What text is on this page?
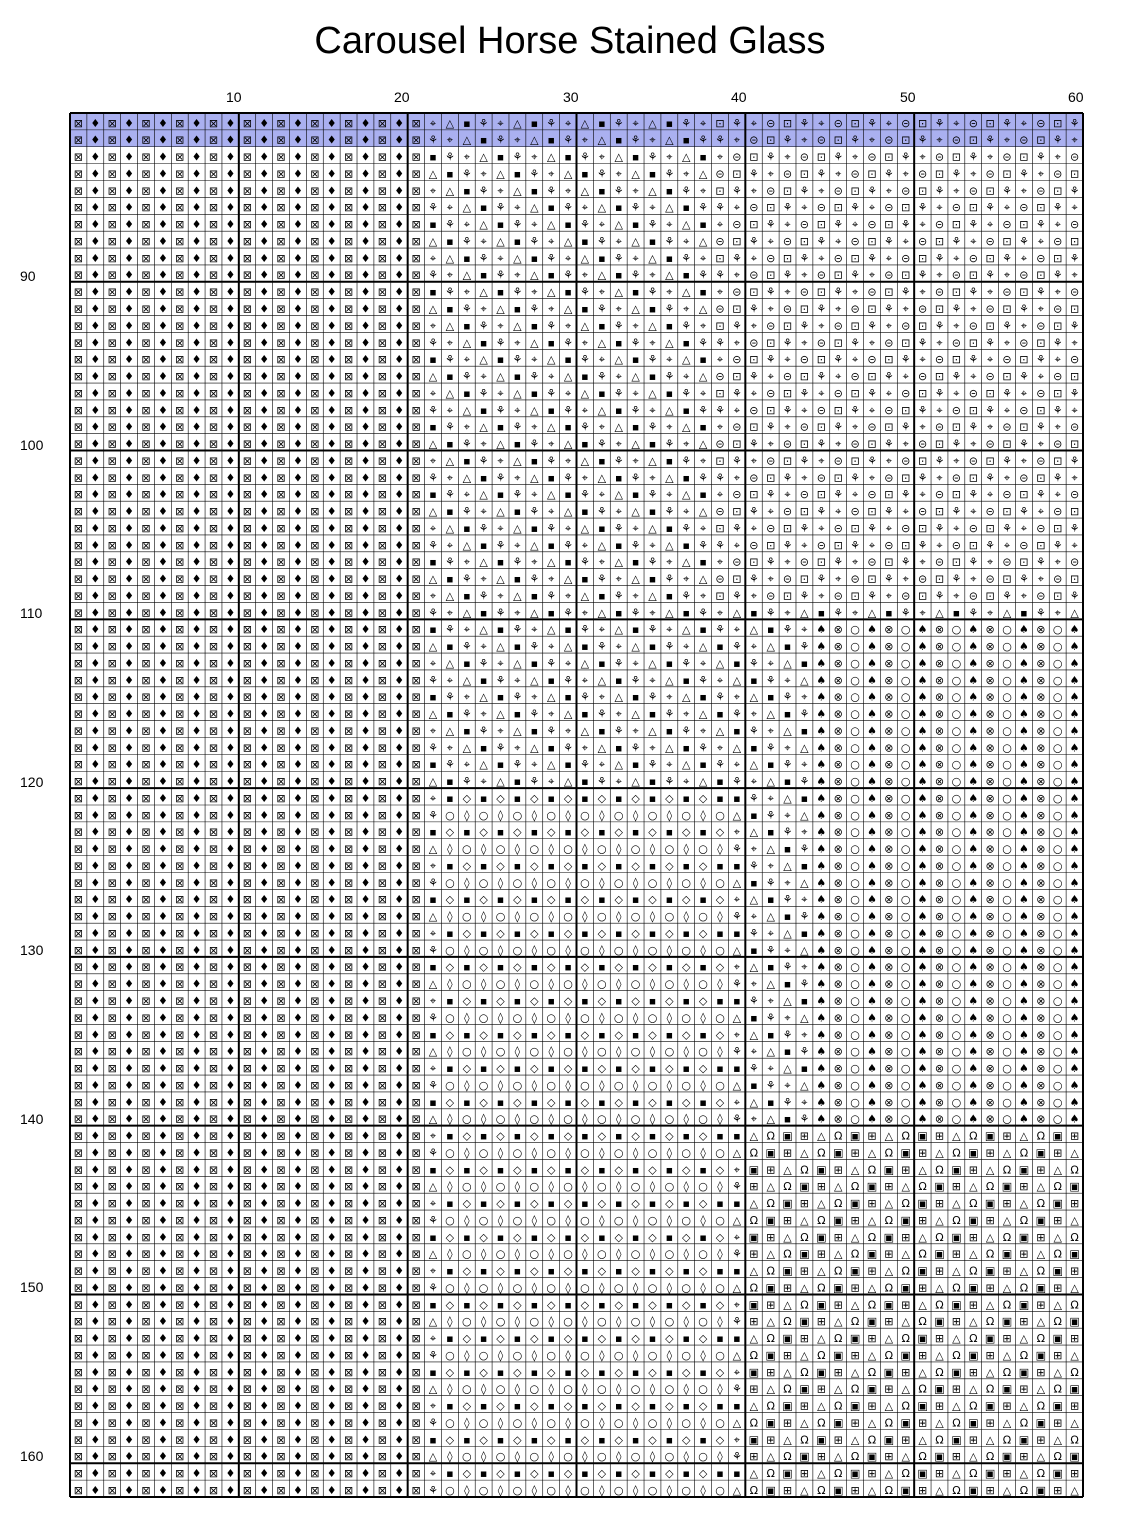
Carousel Horse Stained Glass
10	20	30	40	50	60
90
100
110
120
130
140
150
160
⊠ ♦ ⊠ ♦ ⊠ ♦ ⊠ ♦ ⊠ ♦ ⊠ ♦ ⊠ ♦ ⊠ ♦ ⊠ ♦ ⊠ ♦ ⊠ ⌖ △ ▪ ⚘ ⌖ △ ▪ ⚘ ⌖ △ ▪ ⚘ ⌖ △ ▪ ⚘ ⌖ ⊡ ⚘ ⌖ ⊝ ⊡ ⚘ ⌖ ⊝ ⊡ ⚘ ⌖ ⊝ ⊡ ⚘ ⌖ ⊝ ⊡ ⚘ ⌖ ⊝ ⊡ ⚘
⊠ ♦ ⊠ ♦ ⊠ ♦ ⊠ ♦ ⊠ ♦ ⊠ ♦ ⊠ ♦ ⊠ ♦ ⊠ ♦ ⊠ ♦ ⊠ ⚘ ⌖ △ ▪ ⚘ ⌖ △ ▪ ⚘ ⌖ △ ▪ ⚘ ⌖ △ ▪ ⚘ ⚘ ⌖ ⊝ ⊡ ⚘ ⌖ ⊝ ⊡ ⚘ ⌖ ⊝ ⊡ ⚘ ⌖ ⊝ ⊡ ⚘ ⌖ ⊝ ⊡ ⚘ ⌖
⊠ ♦ ⊠ ♦ ⊠ ♦ ⊠ ♦ ⊠ ♦ ⊠ ♦ ⊠ ♦ ⊠ ♦ ⊠ ♦ ⊠ ♦ ⊠ ▪ ⚘ ⌖ △ ▪ ⚘ ⌖ △ ▪ ⚘ ⌖ △ ▪ ⚘ ⌖ △ ▪ ⌖ ⊝ ⊡ ⚘ ⌖ ⊝ ⊡ ⚘ ⌖ ⊝ ⊡ ⚘ ⌖ ⊝ ⊡ ⚘ ⌖ ⊝ ⊡ ⚘ ⌖ ⊝
⊠ ♦ ⊠ ♦ ⊠ ♦ ⊠ ♦ ⊠ ♦ ⊠ ♦ ⊠ ♦ ⊠ ♦ ⊠ ♦ ⊠ ♦ ⊠ △ ▪ ⚘ ⌖ △ ▪ ⚘ ⌖ △ ▪ ⚘ ⌖ △ ▪ ⚘ ⌖ △ ⊝ ⊡ ⚘ ⌖ ⊝ ⊡ ⚘ ⌖ ⊝ ⊡ ⚘ ⌖ ⊝ ⊡ ⚘ ⌖ ⊝ ⊡ ⚘ ⌖ ⊝ ⊡
⊠ ♦ ⊠ ♦ ⊠ ♦ ⊠ ♦ ⊠ ♦ ⊠ ♦ ⊠ ♦ ⊠ ♦ ⊠ ♦ ⊠ ♦ ⊠ ⌖ △ ▪ ⚘ ⌖ △ ▪ ⚘ ⌖ △ ▪ ⚘ ⌖ △ ▪ ⚘ ⌖ ⊡ ⚘ ⌖ ⊝ ⊡ ⚘ ⌖ ⊝ ⊡ ⚘ ⌖ ⊝ ⊡ ⚘ ⌖ ⊝ ⊡ ⚘ ⌖ ⊝ ⊡ ⚘
⊠ ♦ ⊠ ♦ ⊠ ♦ ⊠ ♦ ⊠ ♦ ⊠ ♦ ⊠ ♦ ⊠ ♦ ⊠ ♦ ⊠ ♦ ⊠ ⚘ ⌖ △ ▪ ⚘ ⌖ △ ▪ ⚘ ⌖ △ ▪ ⚘ ⌖ △ ▪ ⚘ ⚘ ⌖ ⊝ ⊡ ⚘ ⌖ ⊝ ⊡ ⚘ ⌖ ⊝ ⊡ ⚘ ⌖ ⊝ ⊡ ⚘ ⌖ ⊝ ⊡ ⚘ ⌖
⊠ ♦ ⊠ ♦ ⊠ ♦ ⊠ ♦ ⊠ ♦ ⊠ ♦ ⊠ ♦ ⊠ ♦ ⊠ ♦ ⊠ ♦ ⊠ ▪ ⚘ ⌖ △ ▪ ⚘ ⌖ △ ▪ ⚘ ⌖ △ ▪ ⚘ ⌖ △ ▪ ⌖ ⊝ ⊡ ⚘ ⌖ ⊝ ⊡ ⚘ ⌖ ⊝ ⊡ ⚘ ⌖ ⊝ ⊡ ⚘ ⌖ ⊝ ⊡ ⚘ ⌖ ⊝
⊠ ♦ ⊠ ♦ ⊠ ♦ ⊠ ♦ ⊠ ♦ ⊠ ♦ ⊠ ♦ ⊠ ♦ ⊠ ♦ ⊠ ♦ ⊠ △ ▪ ⚘ ⌖ △ ▪ ⚘ ⌖ △ ▪ ⚘ ⌖ △ ▪ ⚘ ⌖ △ ⊝ ⊡ ⚘ ⌖ ⊝ ⊡ ⚘ ⌖ ⊝ ⊡ ⚘ ⌖ ⊝ ⊡ ⚘ ⌖ ⊝ ⊡ ⚘ ⌖ ⊝ ⊡
⊠ ♦ ⊠ ♦ ⊠ ♦ ⊠ ♦ ⊠ ♦ ⊠ ♦ ⊠ ♦ ⊠ ♦ ⊠ ♦ ⊠ ♦ ⊠ ⌖ △ ▪ ⚘ ⌖ △ ▪ ⚘ ⌖ △ ▪ ⚘ ⌖ △ ▪ ⚘ ⌖ ⊡ ⚘ ⌖ ⊝ ⊡ ⚘ ⌖ ⊝ ⊡ ⚘ ⌖ ⊝ ⊡ ⚘ ⌖ ⊝ ⊡ ⚘ ⌖ ⊝ ⊡ ⚘
⊠ ♦ ⊠ ♦ ⊠ ♦ ⊠ ♦ ⊠ ♦ ⊠ ♦ ⊠ ♦ ⊠ ♦ ⊠ ♦ ⊠ ♦ ⊠ ⚘ ⌖ △ ▪ ⚘ ⌖ △ ▪ ⚘ ⌖ △ ▪ ⚘ ⌖ △ ▪ ⚘ ⚘ ⌖ ⊝ ⊡ ⚘ ⌖ ⊝ ⊡ ⚘ ⌖ ⊝ ⊡ ⚘ ⌖ ⊝ ⊡ ⚘ ⌖ ⊝ ⊡ ⚘ ⌖
⊠ ♦ ⊠ ♦ ⊠ ♦ ⊠ ♦ ⊠ ♦ ⊠ ♦ ⊠ ♦ ⊠ ♦ ⊠ ♦ ⊠ ♦ ⊠ ▪ ⚘ ⌖ △ ▪ ⚘ ⌖ △ ▪ ⚘ ⌖ △ ▪ ⚘ ⌖ △ ▪ ⌖ ⊝ ⊡ ⚘ ⌖ ⊝ ⊡ ⚘ ⌖ ⊝ ⊡ ⚘ ⌖ ⊝ ⊡ ⚘ ⌖ ⊝ ⊡ ⚘ ⌖ ⊝
⊠ ♦ ⊠ ♦ ⊠ ♦ ⊠ ♦ ⊠ ♦ ⊠ ♦ ⊠ ♦ ⊠ ♦ ⊠ ♦ ⊠ ♦ ⊠ △ ▪ ⚘ ⌖ △ ▪ ⚘ ⌖ △ ▪ ⚘ ⌖ △ ▪ ⚘ ⌖ △ ⊝ ⊡ ⚘ ⌖ ⊝ ⊡ ⚘ ⌖ ⊝ ⊡ ⚘ ⌖ ⊝ ⊡ ⚘ ⌖ ⊝ ⊡ ⚘ ⌖ ⊝ ⊡
⊠ ♦ ⊠ ♦ ⊠ ♦ ⊠ ♦ ⊠ ♦ ⊠ ♦ ⊠ ♦ ⊠ ♦ ⊠ ♦ ⊠ ♦ ⊠ ⌖ △ ▪ ⚘ ⌖ △ ▪ ⚘ ⌖ △ ▪ ⚘ ⌖ △ ▪ ⚘ ⌖ ⊡ ⚘ ⌖ ⊝ ⊡ ⚘ ⌖ ⊝ ⊡ ⚘ ⌖ ⊝ ⊡ ⚘ ⌖ ⊝ ⊡ ⚘ ⌖ ⊝ ⊡ ⚘
⊠ ♦ ⊠ ♦ ⊠ ♦ ⊠ ♦ ⊠ ♦ ⊠ ♦ ⊠ ♦ ⊠ ♦ ⊠ ♦ ⊠ ♦ ⊠ ⚘ ⌖ △ ▪ ⚘ ⌖ △ ▪ ⚘ ⌖ △ ▪ ⚘ ⌖ △ ▪ ⚘ ⚘ ⌖ ⊝ ⊡ ⚘ ⌖ ⊝ ⊡ ⚘ ⌖ ⊝ ⊡ ⚘ ⌖ ⊝ ⊡ ⚘ ⌖ ⊝ ⊡ ⚘ ⌖
⊠ ♦ ⊠ ♦ ⊠ ♦ ⊠ ♦ ⊠ ♦ ⊠ ♦ ⊠ ♦ ⊠ ♦ ⊠ ♦ ⊠ ♦ ⊠ ▪ ⚘ ⌖ △ ▪ ⚘ ⌖ △ ▪ ⚘ ⌖ △ ▪ ⚘ ⌖ △ ▪ ⌖ ⊝ ⊡ ⚘ ⌖ ⊝ ⊡ ⚘ ⌖ ⊝ ⊡ ⚘ ⌖ ⊝ ⊡ ⚘ ⌖ ⊝ ⊡ ⚘ ⌖ ⊝
⊠ ♦ ⊠ ♦ ⊠ ♦ ⊠ ♦ ⊠ ♦ ⊠ ♦ ⊠ ♦ ⊠ ♦ ⊠ ♦ ⊠ ♦ ⊠ △ ▪ ⚘ ⌖ △ ▪ ⚘ ⌖ △ ▪ ⚘ ⌖ △ ▪ ⚘ ⌖ △ ⊝ ⊡ ⚘ ⌖ ⊝ ⊡ ⚘ ⌖ ⊝ ⊡ ⚘ ⌖ ⊝ ⊡ ⚘ ⌖ ⊝ ⊡ ⚘ ⌖ ⊝ ⊡
⊠ ♦ ⊠ ♦ ⊠ ♦ ⊠ ♦ ⊠ ♦ ⊠ ♦ ⊠ ♦ ⊠ ♦ ⊠ ♦ ⊠ ♦ ⊠ ⌖ △ ▪ ⚘ ⌖ △ ▪ ⚘ ⌖ △ ▪ ⚘ ⌖ △ ▪ ⚘ ⌖ ⊡ ⚘ ⌖ ⊝ ⊡ ⚘ ⌖ ⊝ ⊡ ⚘ ⌖ ⊝ ⊡ ⚘ ⌖ ⊝ ⊡ ⚘ ⌖ ⊝ ⊡ ⚘
⊠ ♦ ⊠ ♦ ⊠ ♦ ⊠ ♦ ⊠ ♦ ⊠ ♦ ⊠ ♦ ⊠ ♦ ⊠ ♦ ⊠ ♦ ⊠ ⚘ ⌖ △ ▪ ⚘ ⌖ △ ▪ ⚘ ⌖ △ ▪ ⚘ ⌖ △ ▪ ⚘ ⚘ ⌖ ⊝ ⊡ ⚘ ⌖ ⊝ ⊡ ⚘ ⌖ ⊝ ⊡ ⚘ ⌖ ⊝ ⊡ ⚘ ⌖ ⊝ ⊡ ⚘ ⌖
⊠ ♦ ⊠ ♦ ⊠ ♦ ⊠ ♦ ⊠ ♦ ⊠ ♦ ⊠ ♦ ⊠ ♦ ⊠ ♦ ⊠ ♦ ⊠ ▪ ⚘ ⌖ △ ▪ ⚘ ⌖ △ ▪ ⚘ ⌖ △ ▪ ⚘ ⌖ △ ▪ ⌖ ⊝ ⊡ ⚘ ⌖ ⊝ ⊡ ⚘ ⌖ ⊝ ⊡ ⚘ ⌖ ⊝ ⊡ ⚘ ⌖ ⊝ ⊡ ⚘ ⌖ ⊝
⊠ ♦ ⊠ ♦ ⊠ ♦ ⊠ ♦ ⊠ ♦ ⊠ ♦ ⊠ ♦ ⊠ ♦ ⊠ ♦ ⊠ ♦ ⊠ △ ▪ ⚘ ⌖ △ ▪ ⚘ ⌖ △ ▪ ⚘ ⌖ △ ▪ ⚘ ⌖ △ ⊝ ⊡ ⚘ ⌖ ⊝ ⊡ ⚘ ⌖ ⊝ ⊡ ⚘ ⌖ ⊝ ⊡ ⚘ ⌖ ⊝ ⊡ ⚘ ⌖ ⊝ ⊡
⊠ ♦ ⊠ ♦ ⊠ ♦ ⊠ ♦ ⊠ ♦ ⊠ ♦ ⊠ ♦ ⊠ ♦ ⊠ ♦ ⊠ ♦ ⊠ ⌖ △ ▪ ⚘ ⌖ △ ▪ ⚘ ⌖ △ ▪ ⚘ ⌖ △ ▪ ⚘ ⌖ ⊡ ⚘ ⌖ ⊝ ⊡ ⚘ ⌖ ⊝ ⊡ ⚘ ⌖ ⊝ ⊡ ⚘ ⌖ ⊝ ⊡ ⚘ ⌖ ⊝ ⊡ ⚘
⊠ ♦ ⊠ ♦ ⊠ ♦ ⊠ ♦ ⊠ ♦ ⊠ ♦ ⊠ ♦ ⊠ ♦ ⊠ ♦ ⊠ ♦ ⊠ ⚘ ⌖ △ ▪ ⚘ ⌖ △ ▪ ⚘ ⌖ △ ▪ ⚘ ⌖ △ ▪ ⚘ ⚘ ⌖ ⊝ ⊡ ⚘ ⌖ ⊝ ⊡ ⚘ ⌖ ⊝ ⊡ ⚘ ⌖ ⊝ ⊡ ⚘ ⌖ ⊝ ⊡ ⚘ ⌖
⊠ ♦ ⊠ ♦ ⊠ ♦ ⊠ ♦ ⊠ ♦ ⊠ ♦ ⊠ ♦ ⊠ ♦ ⊠ ♦ ⊠ ♦ ⊠ ▪ ⚘ ⌖ △ ▪ ⚘ ⌖ △ ▪ ⚘ ⌖ △ ▪ ⚘ ⌖ △ ▪ ⌖ ⊝ ⊡ ⚘ ⌖ ⊝ ⊡ ⚘ ⌖ ⊝ ⊡ ⚘ ⌖ ⊝ ⊡ ⚘ ⌖ ⊝ ⊡ ⚘ ⌖ ⊝
⊠ ♦ ⊠ ♦ ⊠ ♦ ⊠ ♦ ⊠ ♦ ⊠ ♦ ⊠ ♦ ⊠ ♦ ⊠ ♦ ⊠ ♦ ⊠ △ ▪ ⚘ ⌖ △ ▪ ⚘ ⌖ △ ▪ ⚘ ⌖ △ ▪ ⚘ ⌖ △ ⊝ ⊡ ⚘ ⌖ ⊝ ⊡ ⚘ ⌖ ⊝ ⊡ ⚘ ⌖ ⊝ ⊡ ⚘ ⌖ ⊝ ⊡ ⚘ ⌖ ⊝ ⊡
⊠ ♦ ⊠ ♦ ⊠ ♦ ⊠ ♦ ⊠ ♦ ⊠ ♦ ⊠ ♦ ⊠ ♦ ⊠ ♦ ⊠ ♦ ⊠ ⌖ △ ▪ ⚘ ⌖ △ ▪ ⚘ ⌖ △ ▪ ⚘ ⌖ △ ▪ ⚘ ⌖ ⊡ ⚘ ⌖ ⊝ ⊡ ⚘ ⌖ ⊝ ⊡ ⚘ ⌖ ⊝ ⊡ ⚘ ⌖ ⊝ ⊡ ⚘ ⌖ ⊝ ⊡ ⚘
⊠ ♦ ⊠ ♦ ⊠ ♦ ⊠ ♦ ⊠ ♦ ⊠ ♦ ⊠ ♦ ⊠ ♦ ⊠ ♦ ⊠ ♦ ⊠ ⚘ ⌖ △ ▪ ⚘ ⌖ △ ▪ ⚘ ⌖ △ ▪ ⚘ ⌖ △ ▪ ⚘ ⚘ ⌖ ⊝ ⊡ ⚘ ⌖ ⊝ ⊡ ⚘ ⌖ ⊝ ⊡ ⚘ ⌖ ⊝ ⊡ ⚘ ⌖ ⊝ ⊡ ⚘ ⌖
⊠ ♦ ⊠ ♦ ⊠ ♦ ⊠ ♦ ⊠ ♦ ⊠ ♦ ⊠ ♦ ⊠ ♦ ⊠ ♦ ⊠ ♦ ⊠ ▪ ⚘ ⌖ △ ▪ ⚘ ⌖ △ ▪ ⚘ ⌖ △ ▪ ⚘ ⌖ △ ▪ ⌖ ⊝ ⊡ ⚘ ⌖ ⊝ ⊡ ⚘ ⌖ ⊝ ⊡ ⚘ ⌖ ⊝ ⊡ ⚘ ⌖ ⊝ ⊡ ⚘ ⌖ ⊝
⊠ ♦ ⊠ ♦ ⊠ ♦ ⊠ ♦ ⊠ ♦ ⊠ ♦ ⊠ ♦ ⊠ ♦ ⊠ ♦ ⊠ ♦ ⊠ △ ▪ ⚘ ⌖ △ ▪ ⚘ ⌖ △ ▪ ⚘ ⌖ △ ▪ ⚘ ⌖ △ ⊝ ⊡ ⚘ ⌖ ⊝ ⊡ ⚘ ⌖ ⊝ ⊡ ⚘ ⌖ ⊝ ⊡ ⚘ ⌖ ⊝ ⊡ ⚘ ⌖ ⊝ ⊡
⊠ ♦ ⊠ ♦ ⊠ ♦ ⊠ ♦ ⊠ ♦ ⊠ ♦ ⊠ ♦ ⊠ ♦ ⊠ ♦ ⊠ ♦ ⊠ ⌖ △ ▪ ⚘ ⌖ △ ▪ ⚘ ⌖ △ ▪ ⚘ ⌖ △ ▪ ⚘ ⌖ ⊡ ⚘ ⌖ ⊝ ⊡ ⚘ ⌖ ⊝ ⊡ ⚘ ⌖ ⊝ ⊡ ⚘ ⌖ ⊝ ⊡ ⚘ ⌖ ⊝ ⊡ ⚘
⊠ ♦ ⊠ ♦ ⊠ ♦ ⊠ ♦ ⊠ ♦ ⊠ ♦ ⊠ ♦ ⊠ ♦ ⊠ ♦ ⊠ ♦ ⊠ ⚘ ⌖ △ ▪ ⚘ ⌖ △ ▪ ⚘ ⌖ △ ▪ ⚘ ⌖ △ ▪ ⚘ ⌖ △ ▪ ⚘ ⌖ △ ▪ ⚘ ⌖ △ ▪ ⚘ ⌖ △ ▪ ⚘ ⌖ △ ▪ ⚘ ⌖ △
⊠ ♦ ⊠ ♦ ⊠ ♦ ⊠ ♦ ⊠ ♦ ⊠ ♦ ⊠ ♦ ⊠ ♦ ⊠ ♦ ⊠ ♦ ⊠ ▪ ⚘ ⌖ △ ▪ ⚘ ⌖ △ ▪ ⚘ ⌖ △ ▪ ⚘ ⌖ △ ▪ ⚘ ⌖ △ ▪ ⚘ ⌖ ♠ ⊗ ○ ♠ ⊗ ○ ♠ ⊗ ○ ♠ ⊗ ○ ♠ ⊗ ○ ♠
⊠ ♦ ⊠ ♦ ⊠ ♦ ⊠ ♦ ⊠ ♦ ⊠ ♦ ⊠ ♦ ⊠ ♦ ⊠ ♦ ⊠ ♦ ⊠ △ ▪ ⚘ ⌖ △ ▪ ⚘ ⌖ △ ▪ ⚘ ⌖ △ ▪ ⚘ ⌖ △ ▪ ⚘ ⌖ △ ▪ ⚘ ♠ ⊗ ○ ♠ ⊗ ○ ♠ ⊗ ○ ♠ ⊗ ○ ♠ ⊗ ○ ♠
⊠ ♦ ⊠ ♦ ⊠ ♦ ⊠ ♦ ⊠ ♦ ⊠ ♦ ⊠ ♦ ⊠ ♦ ⊠ ♦ ⊠ ♦ ⊠ ⌖ △ ▪ ⚘ ⌖ △ ▪ ⚘ ⌖ △ ▪ ⚘ ⌖ △ ▪ ⚘ ⌖ △ ▪ ⚘ ⌖ △ ▪ ♠ ⊗ ○ ♠ ⊗ ○ ♠ ⊗ ○ ♠ ⊗ ○ ♠ ⊗ ○ ♠
⊠ ♦ ⊠ ♦ ⊠ ♦ ⊠ ♦ ⊠ ♦ ⊠ ♦ ⊠ ♦ ⊠ ♦ ⊠ ♦ ⊠ ♦ ⊠ ⚘ ⌖ △ ▪ ⚘ ⌖ △ ▪ ⚘ ⌖ △ ▪ ⚘ ⌖ △ ▪ ⚘ ⌖ △ ▪ ⚘ ⌖ △ ♠ ⊗ ○ ♠ ⊗ ○ ♠ ⊗ ○ ♠ ⊗ ○ ♠ ⊗ ○ ♠
⊠ ♦ ⊠ ♦ ⊠ ♦ ⊠ ♦ ⊠ ♦ ⊠ ♦ ⊠ ♦ ⊠ ♦ ⊠ ♦ ⊠ ♦ ⊠ ▪ ⚘ ⌖ △ ▪ ⚘ ⌖ △ ▪ ⚘ ⌖ △ ▪ ⚘ ⌖ △ ▪ ⚘ ⌖ △ ▪ ⚘ ⌖ ♠ ⊗ ○ ♠ ⊗ ○ ♠ ⊗ ○ ♠ ⊗ ○ ♠ ⊗ ○ ♠
⊠ ♦ ⊠ ♦ ⊠ ♦ ⊠ ♦ ⊠ ♦ ⊠ ♦ ⊠ ♦ ⊠ ♦ ⊠ ♦ ⊠ ♦ ⊠ △ ▪ ⚘ ⌖ △ ▪ ⚘ ⌖ △ ▪ ⚘ ⌖ △ ▪ ⚘ ⌖ △ ▪ ⚘ ⌖ △ ▪ ⚘ ♠ ⊗ ○ ♠ ⊗ ○ ♠ ⊗ ○ ♠ ⊗ ○ ♠ ⊗ ○ ♠
⊠ ♦ ⊠ ♦ ⊠ ♦ ⊠ ♦ ⊠ ♦ ⊠ ♦ ⊠ ♦ ⊠ ♦ ⊠ ♦ ⊠ ♦ ⊠ ⌖ △ ▪ ⚘ ⌖ △ ▪ ⚘ ⌖ △ ▪ ⚘ ⌖ △ ▪ ⚘ ⌖ △ ▪ ⚘ ⌖ △ ▪ ♠ ⊗ ○ ♠ ⊗ ○ ♠ ⊗ ○ ♠ ⊗ ○ ♠ ⊗ ○ ♠
⊠ ♦ ⊠ ♦ ⊠ ♦ ⊠ ♦ ⊠ ♦ ⊠ ♦ ⊠ ♦ ⊠ ♦ ⊠ ♦ ⊠ ♦ ⊠ ⚘ ⌖ △ ▪ ⚘ ⌖ △ ▪ ⚘ ⌖ △ ▪ ⚘ ⌖ △ ▪ ⚘ ⌖ △ ▪ ⚘ ⌖ △ ♠ ⊗ ○ ♠ ⊗ ○ ♠ ⊗ ○ ♠ ⊗ ○ ♠ ⊗ ○ ♠
⊠ ♦ ⊠ ♦ ⊠ ♦ ⊠ ♦ ⊠ ♦ ⊠ ♦ ⊠ ♦ ⊠ ♦ ⊠ ♦ ⊠ ♦ ⊠ ▪ ⚘ ⌖ △ ▪ ⚘ ⌖ △ ▪ ⚘ ⌖ △ ▪ ⚘ ⌖ △ ▪ ⚘ ⌖ △ ▪ ⚘ ⌖ ♠ ⊗ ○ ♠ ⊗ ○ ♠ ⊗ ○ ♠ ⊗ ○ ♠ ⊗ ○ ♠
⊠ ♦ ⊠ ♦ ⊠ ♦ ⊠ ♦ ⊠ ♦ ⊠ ♦ ⊠ ♦ ⊠ ♦ ⊠ ♦ ⊠ ♦ ⊠ △ ▪ ⚘ ⌖ △ ▪ ⚘ ⌖ △ ▪ ⚘ ⌖ △ ▪ ⚘ ⌖ △ ▪ ⚘ ⌖ △ ▪ ⚘ ♠ ⊗ ○ ♠ ⊗ ○ ♠ ⊗ ○ ♠ ⊗ ○ ♠ ⊗ ○ ♠
⊠ ♦ ⊠ ♦ ⊠ ♦ ⊠ ♦ ⊠ ♦ ⊠ ♦ ⊠ ♦ ⊠ ♦ ⊠ ♦ ⊠ ♦ ⊠ ⌖ ▪ ◇ ▪ ◇ ▪ ◇ ▪ ◇ ▪ ◇ ▪ ◇ ▪ ◇ ▪ ◇ ▪ ▪ ⚘ ⌖ △ ▪ ♠ ⊗ ○ ♠ ⊗ ○ ♠ ⊗ ○ ♠ ⊗ ○ ♠ ⊗ ○ ♠
⊠ ♦ ⊠ ♦ ⊠ ♦ ⊠ ♦ ⊠ ♦ ⊠ ♦ ⊠ ♦ ⊠ ♦ ⊠ ♦ ⊠ ♦ ⊠ ⚘ ○ ◊ ○ ◊ ○ ◊ ○ ◊ ○ ◊ ○ ◊ ○ ◊ ○ ◊ ○ △ ▪ ⚘ ⌖ △ ♠ ⊗ ○ ♠ ⊗ ○ ♠ ⊗ ○ ♠ ⊗ ○ ♠ ⊗ ○ ♠
⊠ ♦ ⊠ ♦ ⊠ ♦ ⊠ ♦ ⊠ ♦ ⊠ ♦ ⊠ ♦ ⊠ ♦ ⊠ ♦ ⊠ ♦ ⊠ ▪ ◇ ▪ ◇ ▪ ◇ ▪ ◇ ▪ ◇ ▪ ◇ ▪ ◇ ▪ ◇ ▪ ◇ ⌖ △ ▪ ⚘ ⌖ ♠ ⊗ ○ ♠ ⊗ ○ ♠ ⊗ ○ ♠ ⊗ ○ ♠ ⊗ ○ ♠
⊠ ♦ ⊠ ♦ ⊠ ♦ ⊠ ♦ ⊠ ♦ ⊠ ♦ ⊠ ♦ ⊠ ♦ ⊠ ♦ ⊠ ♦ ⊠ △ ◊ ○ ◊ ○ ◊ ○ ◊ ○ ◊ ○ ◊ ○ ◊ ○ ◊ ○ ◊ ⚘ ⌖ △ ▪ ⚘ ♠ ⊗ ○ ♠ ⊗ ○ ♠ ⊗ ○ ♠ ⊗ ○ ♠ ⊗ ○ ♠
⊠ ♦ ⊠ ♦ ⊠ ♦ ⊠ ♦ ⊠ ♦ ⊠ ♦ ⊠ ♦ ⊠ ♦ ⊠ ♦ ⊠ ♦ ⊠ ⌖ ▪ ◇ ▪ ◇ ▪ ◇ ▪ ◇ ▪ ◇ ▪ ◇ ▪ ◇ ▪ ◇ ▪ ▪ ⚘ ⌖ △ ▪ ♠ ⊗ ○ ♠ ⊗ ○ ♠ ⊗ ○ ♠ ⊗ ○ ♠ ⊗ ○ ♠
⊠ ♦ ⊠ ♦ ⊠ ♦ ⊠ ♦ ⊠ ♦ ⊠ ♦ ⊠ ♦ ⊠ ♦ ⊠ ♦ ⊠ ♦ ⊠ ⚘ ○ ◊ ○ ◊ ○ ◊ ○ ◊ ○ ◊ ○ ◊ ○ ◊ ○ ◊ ○ △ ▪ ⚘ ⌖ △ ♠ ⊗ ○ ♠ ⊗ ○ ♠ ⊗ ○ ♠ ⊗ ○ ♠ ⊗ ○ ♠
⊠ ♦ ⊠ ♦ ⊠ ♦ ⊠ ♦ ⊠ ♦ ⊠ ♦ ⊠ ♦ ⊠ ♦ ⊠ ♦ ⊠ ♦ ⊠ ▪ ◇ ▪ ◇ ▪ ◇ ▪ ◇ ▪ ◇ ▪ ◇ ▪ ◇ ▪ ◇ ▪ ◇ ⌖ △ ▪ ⚘ ⌖ ♠ ⊗ ○ ♠ ⊗ ○ ♠ ⊗ ○ ♠ ⊗ ○ ♠ ⊗ ○ ♠
⊠ ♦ ⊠ ♦ ⊠ ♦ ⊠ ♦ ⊠ ♦ ⊠ ♦ ⊠ ♦ ⊠ ♦ ⊠ ♦ ⊠ ♦ ⊠ △ ◊ ○ ◊ ○ ◊ ○ ◊ ○ ◊ ○ ◊ ○ ◊ ○ ◊ ○ ◊ ⚘ ⌖ △ ▪ ⚘ ♠ ⊗ ○ ♠ ⊗ ○ ♠ ⊗ ○ ♠ ⊗ ○ ♠ ⊗ ○ ♠
⊠ ♦ ⊠ ♦ ⊠ ♦ ⊠ ♦ ⊠ ♦ ⊠ ♦ ⊠ ♦ ⊠ ♦ ⊠ ♦ ⊠ ♦ ⊠ ⌖ ▪ ◇ ▪ ◇ ▪ ◇ ▪ ◇ ▪ ◇ ▪ ◇ ▪ ◇ ▪ ◇ ▪ ▪ ⚘ ⌖ △ ▪ ♠ ⊗ ○ ♠ ⊗ ○ ♠ ⊗ ○ ♠ ⊗ ○ ♠ ⊗ ○ ♠
⊠ ♦ ⊠ ♦ ⊠ ♦ ⊠ ♦ ⊠ ♦ ⊠ ♦ ⊠ ♦ ⊠ ♦ ⊠ ♦ ⊠ ♦ ⊠ ⚘ ○ ◊ ○ ◊ ○ ◊ ○ ◊ ○ ◊ ○ ◊ ○ ◊ ○ ◊ ○ △ ▪ ⚘ ⌖ △ ♠ ⊗ ○ ♠ ⊗ ○ ♠ ⊗ ○ ♠ ⊗ ○ ♠ ⊗ ○ ♠
⊠ ♦ ⊠ ♦ ⊠ ♦ ⊠ ♦ ⊠ ♦ ⊠ ♦ ⊠ ♦ ⊠ ♦ ⊠ ♦ ⊠ ♦ ⊠ ▪ ◇ ▪ ◇ ▪ ◇ ▪ ◇ ▪ ◇ ▪ ◇ ▪ ◇ ▪ ◇ ▪ ◇ ⌖ △ ▪ ⚘ ⌖ ♠ ⊗ ○ ♠ ⊗ ○ ♠ ⊗ ○ ♠ ⊗ ○ ♠ ⊗ ○ ♠
⊠ ♦ ⊠ ♦ ⊠ ♦ ⊠ ♦ ⊠ ♦ ⊠ ♦ ⊠ ♦ ⊠ ♦ ⊠ ♦ ⊠ ♦ ⊠ △ ◊ ○ ◊ ○ ◊ ○ ◊ ○ ◊ ○ ◊ ○ ◊ ○ ◊ ○ ◊ ⚘ ⌖ △ ▪ ⚘ ♠ ⊗ ○ ♠ ⊗ ○ ♠ ⊗ ○ ♠ ⊗ ○ ♠ ⊗ ○ ♠
⊠ ♦ ⊠ ♦ ⊠ ♦ ⊠ ♦ ⊠ ♦ ⊠ ♦ ⊠ ♦ ⊠ ♦ ⊠ ♦ ⊠ ♦ ⊠ ⌖ ▪ ◇ ▪ ◇ ▪ ◇ ▪ ◇ ▪ ◇ ▪ ◇ ▪ ◇ ▪ ◇ ▪ ▪ ⚘ ⌖ △ ▪ ♠ ⊗ ○ ♠ ⊗ ○ ♠ ⊗ ○ ♠ ⊗ ○ ♠ ⊗ ○ ♠
⊠ ♦ ⊠ ♦ ⊠ ♦ ⊠ ♦ ⊠ ♦ ⊠ ♦ ⊠ ♦ ⊠ ♦ ⊠ ♦ ⊠ ♦ ⊠ ⚘ ○ ◊ ○ ◊ ○ ◊ ○ ◊ ○ ◊ ○ ◊ ○ ◊ ○ ◊ ○ △ ▪ ⚘ ⌖ △ ♠ ⊗ ○ ♠ ⊗ ○ ♠ ⊗ ○ ♠ ⊗ ○ ♠ ⊗ ○ ♠
⊠ ♦ ⊠ ♦ ⊠ ♦ ⊠ ♦ ⊠ ♦ ⊠ ♦ ⊠ ♦ ⊠ ♦ ⊠ ♦ ⊠ ♦ ⊠ ▪ ◇ ▪ ◇ ▪ ◇ ▪ ◇ ▪ ◇ ▪ ◇ ▪ ◇ ▪ ◇ ▪ ◇ ⌖ △ ▪ ⚘ ⌖ ♠ ⊗ ○ ♠ ⊗ ○ ♠ ⊗ ○ ♠ ⊗ ○ ♠ ⊗ ○ ♠
⊠ ♦ ⊠ ♦ ⊠ ♦ ⊠ ♦ ⊠ ♦ ⊠ ♦ ⊠ ♦ ⊠ ♦ ⊠ ♦ ⊠ ♦ ⊠ △ ◊ ○ ◊ ○ ◊ ○ ◊ ○ ◊ ○ ◊ ○ ◊ ○ ◊ ○ ◊ ⚘ ⌖ △ ▪ ⚘ ♠ ⊗ ○ ♠ ⊗ ○ ♠ ⊗ ○ ♠ ⊗ ○ ♠ ⊗ ○ ♠
⊠ ♦ ⊠ ♦ ⊠ ♦ ⊠ ♦ ⊠ ♦ ⊠ ♦ ⊠ ♦ ⊠ ♦ ⊠ ♦ ⊠ ♦ ⊠ ⌖ ▪ ◇ ▪ ◇ ▪ ◇ ▪ ◇ ▪ ◇ ▪ ◇ ▪ ◇ ▪ ◇ ▪ ▪ ⚘ ⌖ △ ▪ ♠ ⊗ ○ ♠ ⊗ ○ ♠ ⊗ ○ ♠ ⊗ ○ ♠ ⊗ ○ ♠
⊠ ♦ ⊠ ♦ ⊠ ♦ ⊠ ♦ ⊠ ♦ ⊠ ♦ ⊠ ♦ ⊠ ♦ ⊠ ♦ ⊠ ♦ ⊠ ⚘ ○ ◊ ○ ◊ ○ ◊ ○ ◊ ○ ◊ ○ ◊ ○ ◊ ○ ◊ ○ △ ▪ ⚘ ⌖ △ ♠ ⊗ ○ ♠ ⊗ ○ ♠ ⊗ ○ ♠ ⊗ ○ ♠ ⊗ ○ ♠
⊠ ♦ ⊠ ♦ ⊠ ♦ ⊠ ♦ ⊠ ♦ ⊠ ♦ ⊠ ♦ ⊠ ♦ ⊠ ♦ ⊠ ♦ ⊠ ▪ ◇ ▪ ◇ ▪ ◇ ▪ ◇ ▪ ◇ ▪ ◇ ▪ ◇ ▪ ◇ ▪ ◇ ⌖ △ ▪ ⚘ ⌖ ♠ ⊗ ○ ♠ ⊗ ○ ♠ ⊗ ○ ♠ ⊗ ○ ♠ ⊗ ○ ♠
⊠ ♦ ⊠ ♦ ⊠ ♦ ⊠ ♦ ⊠ ♦ ⊠ ♦ ⊠ ♦ ⊠ ♦ ⊠ ♦ ⊠ ♦ ⊠ △ ◊ ○ ◊ ○ ◊ ○ ◊ ○ ◊ ○ ◊ ○ ◊ ○ ◊ ○ ◊ ⚘ ⌖ △ ▪ ⚘ ♠ ⊗ ○ ♠ ⊗ ○ ♠ ⊗ ○ ♠ ⊗ ○ ♠ ⊗ ○ ♠
⊠ ♦ ⊠ ♦ ⊠ ♦ ⊠ ♦ ⊠ ♦ ⊠ ♦ ⊠ ♦ ⊠ ♦ ⊠ ♦ ⊠ ♦ ⊠ ⌖ ▪ ◇ ▪ ◇ ▪ ◇ ▪ ◇ ▪ ◇ ▪ ◇ ▪ ◇ ▪ ◇ ▪ ▪ △ Ω ▣ ⊞ △ Ω ▣ ⊞ △ Ω ▣ ⊞ △ Ω ▣ ⊞ △ Ω ▣ ⊞
⊠ ♦ ⊠ ♦ ⊠ ♦ ⊠ ♦ ⊠ ♦ ⊠ ♦ ⊠ ♦ ⊠ ♦ ⊠ ♦ ⊠ ♦ ⊠ ⚘ ○ ◊ ○ ◊ ○ ◊ ○ ◊ ○ ◊ ○ ◊ ○ ◊ ○ ◊ ○ △ Ω ▣ ⊞ △ Ω ▣ ⊞ △ Ω ▣ ⊞ △ Ω ▣ ⊞ △ Ω ▣ ⊞ △
⊠ ♦ ⊠ ♦ ⊠ ♦ ⊠ ♦ ⊠ ♦ ⊠ ♦ ⊠ ♦ ⊠ ♦ ⊠ ♦ ⊠ ♦ ⊠ ▪ ◇ ▪ ◇ ▪ ◇ ▪ ◇ ▪ ◇ ▪ ◇ ▪ ◇ ▪ ◇ ▪ ◇ ⌖ ▣ ⊞ △ Ω ▣ ⊞ △ Ω ▣ ⊞ △ Ω ▣ ⊞ △ Ω ▣ ⊞ △ Ω
⊠ ♦ ⊠ ♦ ⊠ ♦ ⊠ ♦ ⊠ ♦ ⊠ ♦ ⊠ ♦ ⊠ ♦ ⊠ ♦ ⊠ ♦ ⊠ △ ◊ ○ ◊ ○ ◊ ○ ◊ ○ ◊ ○ ◊ ○ ◊ ○ ◊ ○ ◊ ⚘ ⊞ △ Ω ▣ ⊞ △ Ω ▣ ⊞ △ Ω ▣ ⊞ △ Ω ▣ ⊞ △ Ω ▣
⊠ ♦ ⊠ ♦ ⊠ ♦ ⊠ ♦ ⊠ ♦ ⊠ ♦ ⊠ ♦ ⊠ ♦ ⊠ ♦ ⊠ ♦ ⊠ ⌖ ▪ ◇ ▪ ◇ ▪ ◇ ▪ ◇ ▪ ◇ ▪ ◇ ▪ ◇ ▪ ◇ ▪ ▪ △ Ω ▣ ⊞ △ Ω ▣ ⊞ △ Ω ▣ ⊞ △ Ω ▣ ⊞ △ Ω ▣ ⊞
⊠ ♦ ⊠ ♦ ⊠ ♦ ⊠ ♦ ⊠ ♦ ⊠ ♦ ⊠ ♦ ⊠ ♦ ⊠ ♦ ⊠ ♦ ⊠ ⚘ ○ ◊ ○ ◊ ○ ◊ ○ ◊ ○ ◊ ○ ◊ ○ ◊ ○ ◊ ○ △ Ω ▣ ⊞ △ Ω ▣ ⊞ △ Ω ▣ ⊞ △ Ω ▣ ⊞ △ Ω ▣ ⊞ △
⊠ ♦ ⊠ ♦ ⊠ ♦ ⊠ ♦ ⊠ ♦ ⊠ ♦ ⊠ ♦ ⊠ ♦ ⊠ ♦ ⊠ ♦ ⊠ ▪ ◇ ▪ ◇ ▪ ◇ ▪ ◇ ▪ ◇ ▪ ◇ ▪ ◇ ▪ ◇ ▪ ◇ ⌖ ▣ ⊞ △ Ω ▣ ⊞ △ Ω ▣ ⊞ △ Ω ▣ ⊞ △ Ω ▣ ⊞ △ Ω
⊠ ♦ ⊠ ♦ ⊠ ♦ ⊠ ♦ ⊠ ♦ ⊠ ♦ ⊠ ♦ ⊠ ♦ ⊠ ♦ ⊠ ♦ ⊠ △ ◊ ○ ◊ ○ ◊ ○ ◊ ○ ◊ ○ ◊ ○ ◊ ○ ◊ ○ ◊ ⚘ ⊞ △ Ω ▣ ⊞ △ Ω ▣ ⊞ △ Ω ▣ ⊞ △ Ω ▣ ⊞ △ Ω ▣
⊠ ♦ ⊠ ♦ ⊠ ♦ ⊠ ♦ ⊠ ♦ ⊠ ♦ ⊠ ♦ ⊠ ♦ ⊠ ♦ ⊠ ♦ ⊠ ⌖ ▪ ◇ ▪ ◇ ▪ ◇ ▪ ◇ ▪ ◇ ▪ ◇ ▪ ◇ ▪ ◇ ▪ ▪ △ Ω ▣ ⊞ △ Ω ▣ ⊞ △ Ω ▣ ⊞ △ Ω ▣ ⊞ △ Ω ▣ ⊞
⊠ ♦ ⊠ ♦ ⊠ ♦ ⊠ ♦ ⊠ ♦ ⊠ ♦ ⊠ ♦ ⊠ ♦ ⊠ ♦ ⊠ ♦ ⊠ ⚘ ○ ◊ ○ ◊ ○ ◊ ○ ◊ ○ ◊ ○ ◊ ○ ◊ ○ ◊ ○ △ Ω ▣ ⊞ △ Ω ▣ ⊞ △ Ω ▣ ⊞ △ Ω ▣ ⊞ △ Ω ▣ ⊞ △
⊠ ♦ ⊠ ♦ ⊠ ♦ ⊠ ♦ ⊠ ♦ ⊠ ♦ ⊠ ♦ ⊠ ♦ ⊠ ♦ ⊠ ♦ ⊠ ▪ ◇ ▪ ◇ ▪ ◇ ▪ ◇ ▪ ◇ ▪ ◇ ▪ ◇ ▪ ◇ ▪ ◇ ⌖ ▣ ⊞ △ Ω ▣ ⊞ △ Ω ▣ ⊞ △ Ω ▣ ⊞ △ Ω ▣ ⊞ △ Ω
⊠ ♦ ⊠ ♦ ⊠ ♦ ⊠ ♦ ⊠ ♦ ⊠ ♦ ⊠ ♦ ⊠ ♦ ⊠ ♦ ⊠ ♦ ⊠ △ ◊ ○ ◊ ○ ◊ ○ ◊ ○ ◊ ○ ◊ ○ ◊ ○ ◊ ○ ◊ ⚘ ⊞ △ Ω ▣ ⊞ △ Ω ▣ ⊞ △ Ω ▣ ⊞ △ Ω ▣ ⊞ △ Ω ▣
⊠ ♦ ⊠ ♦ ⊠ ♦ ⊠ ♦ ⊠ ♦ ⊠ ♦ ⊠ ♦ ⊠ ♦ ⊠ ♦ ⊠ ♦ ⊠ ⌖ ▪ ◇ ▪ ◇ ▪ ◇ ▪ ◇ ▪ ◇ ▪ ◇ ▪ ◇ ▪ ◇ ▪ ▪ △ Ω ▣ ⊞ △ Ω ▣ ⊞ △ Ω ▣ ⊞ △ Ω ▣ ⊞ △ Ω ▣ ⊞
⊠ ♦ ⊠ ♦ ⊠ ♦ ⊠ ♦ ⊠ ♦ ⊠ ♦ ⊠ ♦ ⊠ ♦ ⊠ ♦ ⊠ ♦ ⊠ ⚘ ○ ◊ ○ ◊ ○ ◊ ○ ◊ ○ ◊ ○ ◊ ○ ◊ ○ ◊ ○ △ Ω ▣ ⊞ △ Ω ▣ ⊞ △ Ω ▣ ⊞ △ Ω ▣ ⊞ △ Ω ▣ ⊞ △
⊠ ♦ ⊠ ♦ ⊠ ♦ ⊠ ♦ ⊠ ♦ ⊠ ♦ ⊠ ♦ ⊠ ♦ ⊠ ♦ ⊠ ♦ ⊠ ▪ ◇ ▪ ◇ ▪ ◇ ▪ ◇ ▪ ◇ ▪ ◇ ▪ ◇ ▪ ◇ ▪ ◇ ⌖ ▣ ⊞ △ Ω ▣ ⊞ △ Ω ▣ ⊞ △ Ω ▣ ⊞ △ Ω ▣ ⊞ △ Ω
⊠ ♦ ⊠ ♦ ⊠ ♦ ⊠ ♦ ⊠ ♦ ⊠ ♦ ⊠ ♦ ⊠ ♦ ⊠ ♦ ⊠ ♦ ⊠ △ ◊ ○ ◊ ○ ◊ ○ ◊ ○ ◊ ○ ◊ ○ ◊ ○ ◊ ○ ◊ ⚘ ⊞ △ Ω ▣ ⊞ △ Ω ▣ ⊞ △ Ω ▣ ⊞ △ Ω ▣ ⊞ △ Ω ▣
⊠ ♦ ⊠ ♦ ⊠ ♦ ⊠ ♦ ⊠ ♦ ⊠ ♦ ⊠ ♦ ⊠ ♦ ⊠ ♦ ⊠ ♦ ⊠ ⌖ ▪ ◇ ▪ ◇ ▪ ◇ ▪ ◇ ▪ ◇ ▪ ◇ ▪ ◇ ▪ ◇ ▪ ▪ △ Ω ▣ ⊞ △ Ω ▣ ⊞ △ Ω ▣ ⊞ △ Ω ▣ ⊞ △ Ω ▣ ⊞
⊠ ♦ ⊠ ♦ ⊠ ♦ ⊠ ♦ ⊠ ♦ ⊠ ♦ ⊠ ♦ ⊠ ♦ ⊠ ♦ ⊠ ♦ ⊠ ⚘ ○ ◊ ○ ◊ ○ ◊ ○ ◊ ○ ◊ ○ ◊ ○ ◊ ○ ◊ ○ △ Ω ▣ ⊞ △ Ω ▣ ⊞ △ Ω ▣ ⊞ △ Ω ▣ ⊞ △ Ω ▣ ⊞ △
⊠ ♦ ⊠ ♦ ⊠ ♦ ⊠ ♦ ⊠ ♦ ⊠ ♦ ⊠ ♦ ⊠ ♦ ⊠ ♦ ⊠ ♦ ⊠ ▪ ◇ ▪ ◇ ▪ ◇ ▪ ◇ ▪ ◇ ▪ ◇ ▪ ◇ ▪ ◇ ▪ ◇ ⌖ ▣ ⊞ △ Ω ▣ ⊞ △ Ω ▣ ⊞ △ Ω ▣ ⊞ △ Ω ▣ ⊞ △ Ω
⊠ ♦ ⊠ ♦ ⊠ ♦ ⊠ ♦ ⊠ ♦ ⊠ ♦ ⊠ ♦ ⊠ ♦ ⊠ ♦ ⊠ ♦ ⊠ △ ◊ ○ ◊ ○ ◊ ○ ◊ ○ ◊ ○ ◊ ○ ◊ ○ ◊ ○ ◊ ⚘ ⊞ △ Ω ▣ ⊞ △ Ω ▣ ⊞ △ Ω ▣ ⊞ △ Ω ▣ ⊞ △ Ω ▣
⊠ ♦ ⊠ ♦ ⊠ ♦ ⊠ ♦ ⊠ ♦ ⊠ ♦ ⊠ ♦ ⊠ ♦ ⊠ ♦ ⊠ ♦ ⊠ ⌖ ▪ ◇ ▪ ◇ ▪ ◇ ▪ ◇ ▪ ◇ ▪ ◇ ▪ ◇ ▪ ◇ ▪ ▪ △ Ω ▣ ⊞ △ Ω ▣ ⊞ △ Ω ▣ ⊞ △ Ω ▣ ⊞ △ Ω ▣ ⊞
⊠ ♦ ⊠ ♦ ⊠ ♦ ⊠ ♦ ⊠ ♦ ⊠ ♦ ⊠ ♦ ⊠ ♦ ⊠ ♦ ⊠ ♦ ⊠ ⚘ ○ ◊ ○ ◊ ○ ◊ ○ ◊ ○ ◊ ○ ◊ ○ ◊ ○ ◊ ○ △ Ω ▣ ⊞ △ Ω ▣ ⊞ △ Ω ▣ ⊞ △ Ω ▣ ⊞ △ Ω ▣ ⊞ △
